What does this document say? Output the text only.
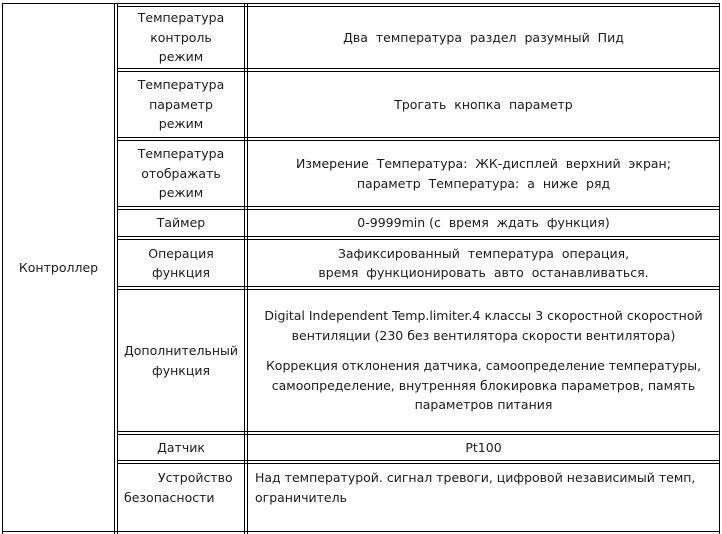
Контроллер

Температура

контроль

режим

Два  температура  раздел  разумный  Пид

Температура

параметр

режим

Трогать  кнопка  параметр

Температура

отображать

режим

Измерение  Температура:  ЖК-дисплей  верхний  экран;

параметр  Температура:  а  ниже  ряд

Таймер	0-9999min (с  время  ждать  функция)

Операция

функция

Зафиксированный  температура  операция,

время  функционировать  авто  останавливаться.

Дополнительный

функция

Digital Independent Temp.limiter.4 классы 3 скоростной скоростной

вентиляции (230 без вентилятора скорости вентилятора)

Коррекция отклонения датчика, самоопределение температуры,

самоопределение, внутренняя блокировка параметров, память

параметров питания

Датчик	Pt100

Устройство

безопасности

Над температурой. сигнал тревоги, цифровой независимый темп,

ограничитель
